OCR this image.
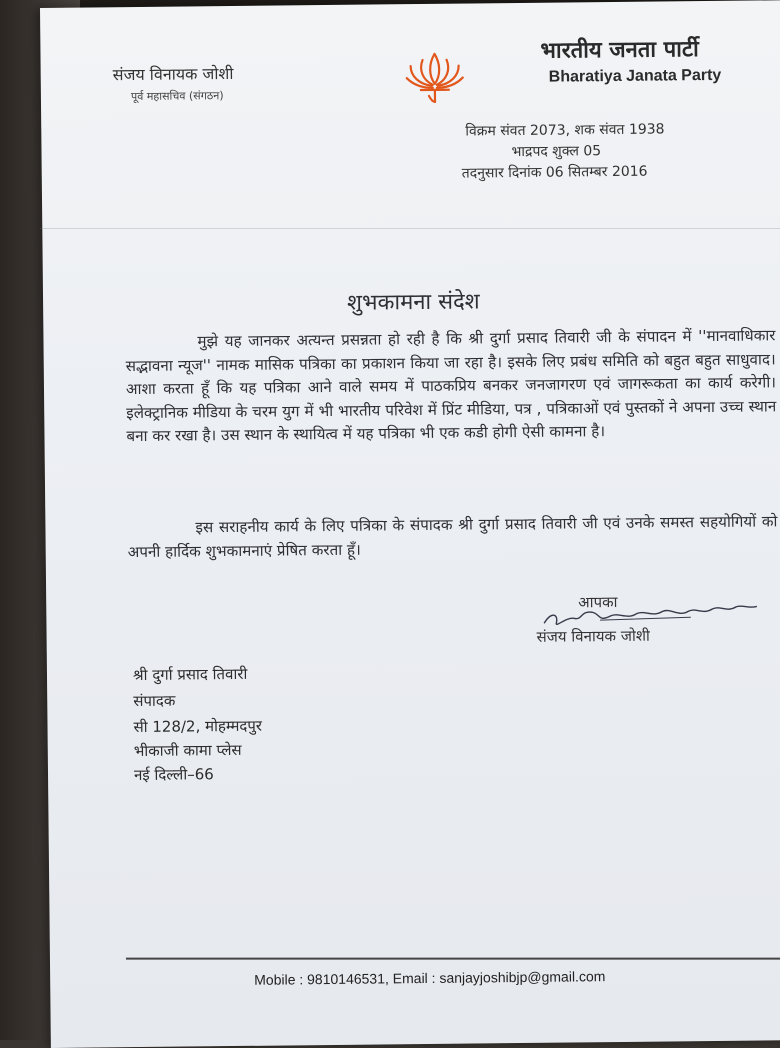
संजय विनायक जोशी
पूर्व महासचिव (संगठन)
भारतीय जनता पार्टी
Bharatiya Janata Party
विक्रम संवत 2073, शक संवत 1938
भाद्रपद शुक्ल 05
तदनुसार दिनांक 06 सितम्बर 2016
शुभकामना संदेश
मुझे यह जानकर अत्यन्त प्रसन्नता हो रही है कि श्री दुर्गा प्रसाद तिवारी जी के संपादन में ''मानवाधिकार सद्भावना न्यूज'' नामक मासिक पत्रिका का प्रकाशन किया जा रहा है। इसके लिए प्रबंध समिति को बहुत बहुत साधुवाद। आशा करता हूँ कि यह पत्रिका आने वाले समय में पाठकप्रिय बनकर जनजागरण एवं जागरूकता का कार्य करेगी। इलेक्ट्रानिक मीडिया के चरम युग में भी भारतीय परिवेश में प्रिंट मीडिया, पत्र , पत्रिकाओं एवं पुस्तकों ने अपना उच्च स्थान बना कर रखा है। उस स्थान के स्थायित्व में यह पत्रिका भी एक कडी होगी ऐसी कामना है।
इस सराहनीय कार्य के लिए पत्रिका के संपादक श्री दुर्गा प्रसाद तिवारी जी एवं उनके समस्त सहयोगियों को अपनी हार्दिक शुभकामनाएं प्रेषित करता हूँ।
आपका
संजय विनायक जोशी
श्री दुर्गा प्रसाद तिवारी
संपादक
सी 128/2, मोहम्मदपुर
भीकाजी कामा प्लेस
नई दिल्ली–66
Mobile : 9810146531, Email : sanjayjoshibjp@gmail.com
